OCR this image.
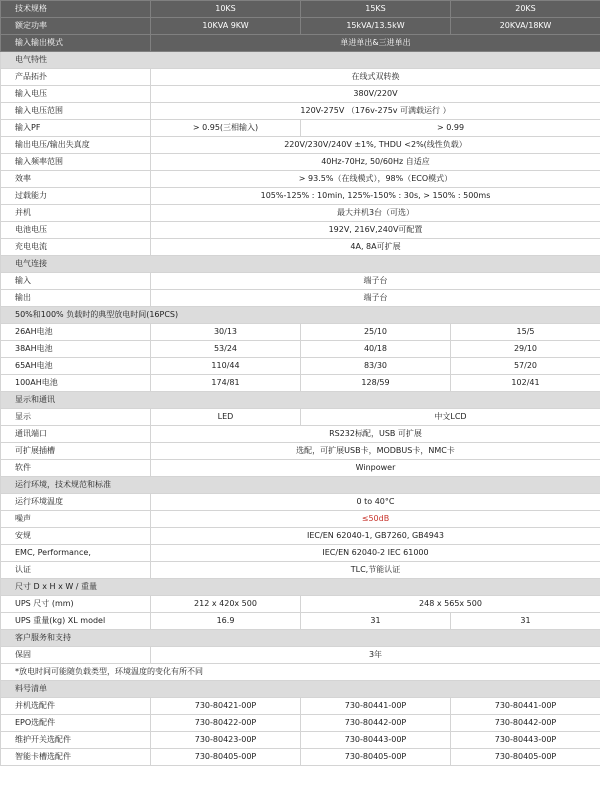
技术规格	10KS	15KS	20KS
额定功率	10KVA 9KW	15kVA/13.5kW	20KVA/18KW
输入输出模式	单进单出&三进单出		
电气特性			
产品拓扑	在线式双转换		
输入电压	380V/220V		
输入电压范围	120V-275V （176v-275v 可满载运行 ）		
输入PF	> 0.95(三相输入)	> 0.99	
输出电压/输出失真度	220V/230V/240V ±1%, THDU <2%(线性负载）		
输入频率范围	40Hz-70Hz, 50/60Hz 自适应		
效率	> 93.5%（在线模式），98%（ECO模式）		
过载能力	105%-125% : 10min, 125%-150% : 30s, > 150% : 500ms		
并机	最大并机3台（可选）		
电池电压	192V, 216V,240V可配置		
充电电流	4A, 8A可扩展		
电气连接			
输入	端子台		
输出	端子台		
50%和100% 负载时的典型放电时间(16PCS)			
26AH电池	30/13	25/10	15/5
38AH电池	53/24	40/18	29/10
65AH电池	110/44	83/30	57/20
100AH电池	174/81	128/59	102/41
显示和通讯			
显示	LED	中文LCD	
通讯端口	RS232标配，USB 可扩展		
可扩展插槽	选配，可扩展USB卡，MODBUS卡，NMC卡		
软件	Winpower		
运行环境，技术规范和标准			
运行环境温度	0 to 40°C		
噪声	≤50dB		
安规	IEC/EN 62040-1, GB7260, GB4943		
EMC, Performance,	IEC/EN 62040-2 IEC 61000		
认证	TLC,节能认证		
尺寸 D x H x W / 重量			
UPS 尺寸 (mm)	212 x 420x 500	248 x 565x 500	
UPS 重量(kg) XL model	16.9	31	31
客户服务和支持			
保固	3年		
*放电时间可能随负载类型，环境温度的变化有所不同			
料号清单			
并机选配件	730-80421-00P	730-80441-00P	730-80441-00P
EPO选配件	730-80422-00P	730-80442-00P	730-80442-00P
维护开关选配件	730-80423-00P	730-80443-00P	730-80443-00P
智能卡槽选配件	730-80405-00P	730-80405-00P	730-80405-00P
